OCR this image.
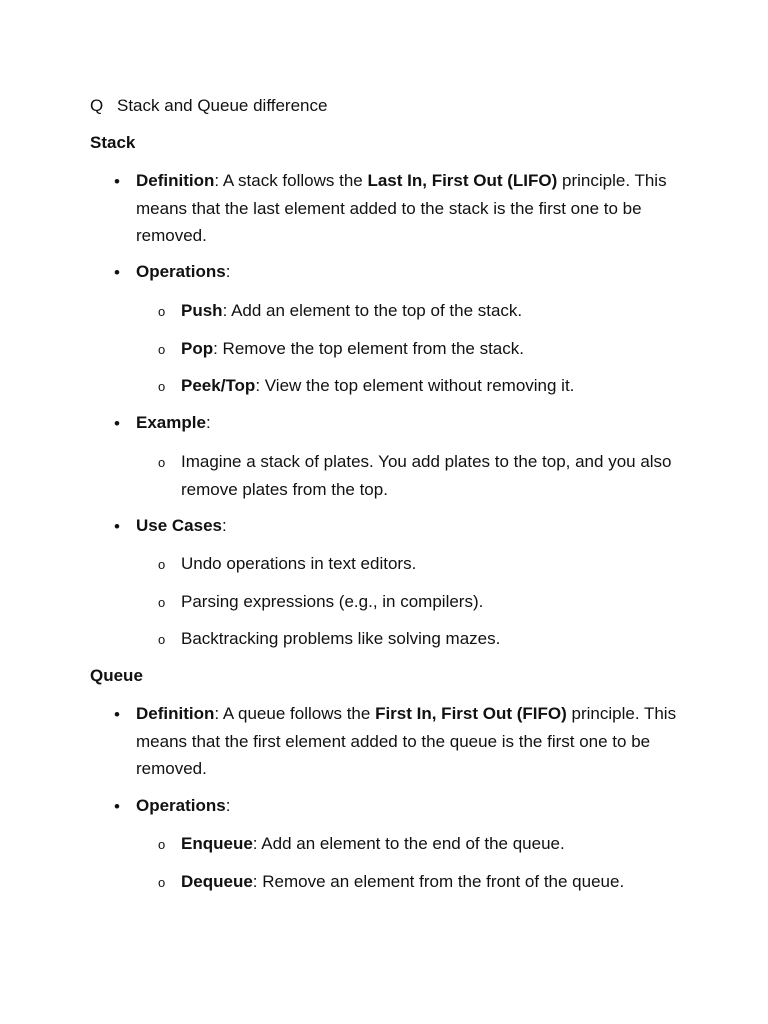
Q Stack and Queue difference
Stack
• Definition: A stack follows the Last In, First Out (LIFO) principle. This means that the last element added to the stack is the first one to be removed.
• Operations:
o Push: Add an element to the top of the stack.
o Pop: Remove the top element from the stack.
o Peek/Top: View the top element without removing it.
• Example:
o Imagine a stack of plates. You add plates to the top, and you also remove plates from the top.
• Use Cases:
o Undo operations in text editors.
o Parsing expressions (e.g., in compilers).
o Backtracking problems like solving mazes.
Queue
• Definition: A queue follows the First In, First Out (FIFO) principle. This means that the first element added to the queue is the first one to be removed.
• Operations:
o Enqueue: Add an element to the end of the queue.
o Dequeue: Remove an element from the front of the queue.
